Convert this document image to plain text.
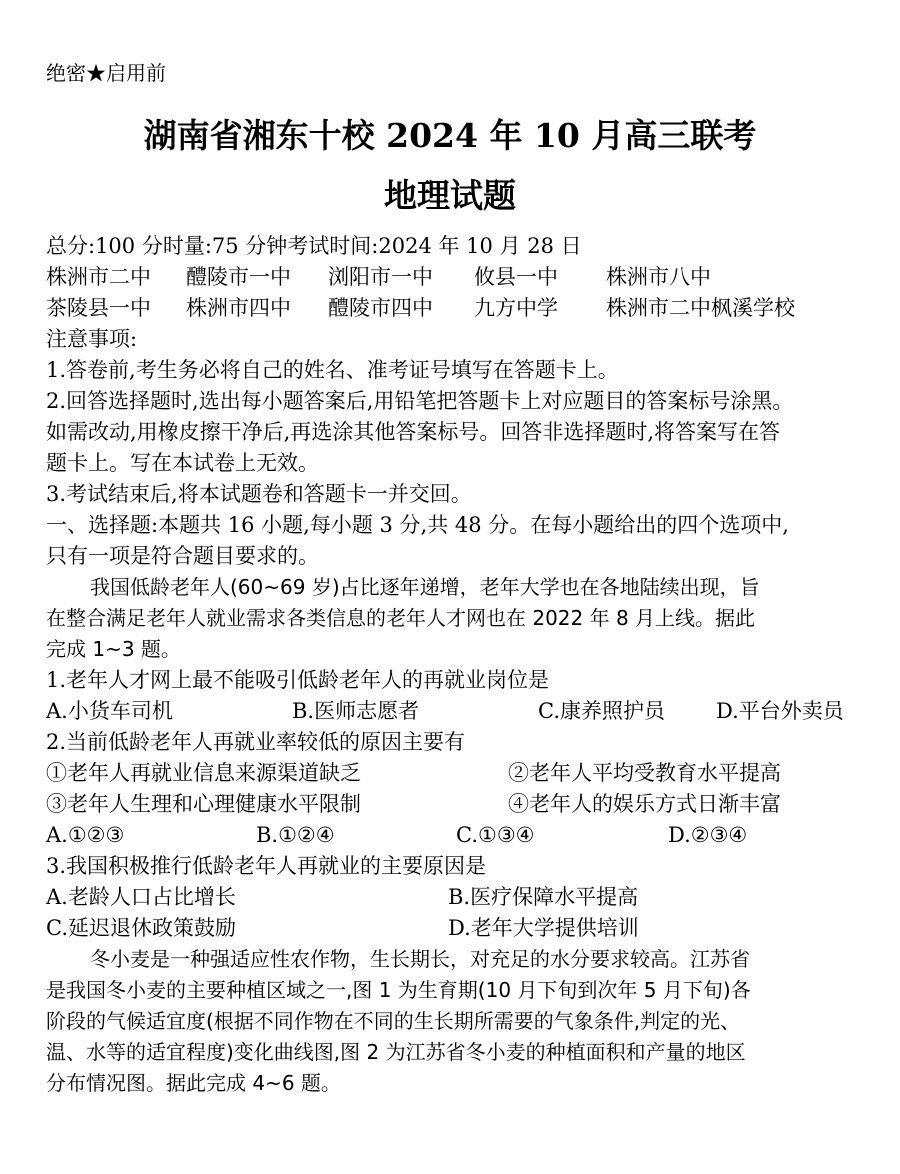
绝密★启用前
湖南省湘东十校 2024 年 10 月高三联考
地理试题
总分:100 分时量:75 分钟考试时间:2024 年 10 月 28 日
株洲市二中 醴陵市一中 浏阳市一中 攸县一中 株洲市八中
茶陵县一中 株洲市四中 醴陵市四中 九方中学 株洲市二中枫溪学校
注意事项:
1.答卷前,考生务必将自己的姓名、准考证号填写在答题卡上。
2.回答选择题时,选出每小题答案后,用铅笔把答题卡上对应题目的答案标号涂黑。
如需改动,用橡皮擦干净后,再选涂其他答案标号。回答非选择题时,将答案写在答
题卡上。写在本试卷上无效。
3.考试结束后,将本试题卷和答题卡一并交回。
一、选择题:本题共 16 小题,每小题 3 分,共 48 分。在每小题给出的四个选项中,
只有一项是符合题目要求的。
我国低龄老年人(60~69 岁)占比逐年递增，老年大学也在各地陆续出现，旨
在整合满足老年人就业需求各类信息的老年人才网也在 2022 年 8 月上线。据此
完成 1~3 题。
1.老年人才网上最不能吸引低龄老年人的再就业岗位是
A.小货车司机	B.医师志愿者	C.康养照护员 D.平台外卖员
2.当前低龄老年人再就业率较低的原因主要有
①老年人再就业信息来源渠道缺乏	②老年人平均受教育水平提高
③老年人生理和心理健康水平限制	④老年人的娱乐方式日渐丰富
A.①②③	B.①②④	C.①③④	D.②③④
3.我国积极推行低龄老年人再就业的主要原因是
A.老龄人口占比增长	B.医疗保障水平提高
C.延迟退休政策鼓励	D.老年大学提供培训
冬小麦是一种强适应性农作物，生长期长，对充足的水分要求较高。江苏省
是我国冬小麦的主要种植区域之一,图 1 为生育期(10 月下旬到次年 5 月下旬)各
阶段的气候适宜度(根据不同作物在不同的生长期所需要的气象条件,判定的光、
温、水等的适宜程度)变化曲线图,图 2 为江苏省冬小麦的种植面积和产量的地区
分布情况图。据此完成 4~6 题。
